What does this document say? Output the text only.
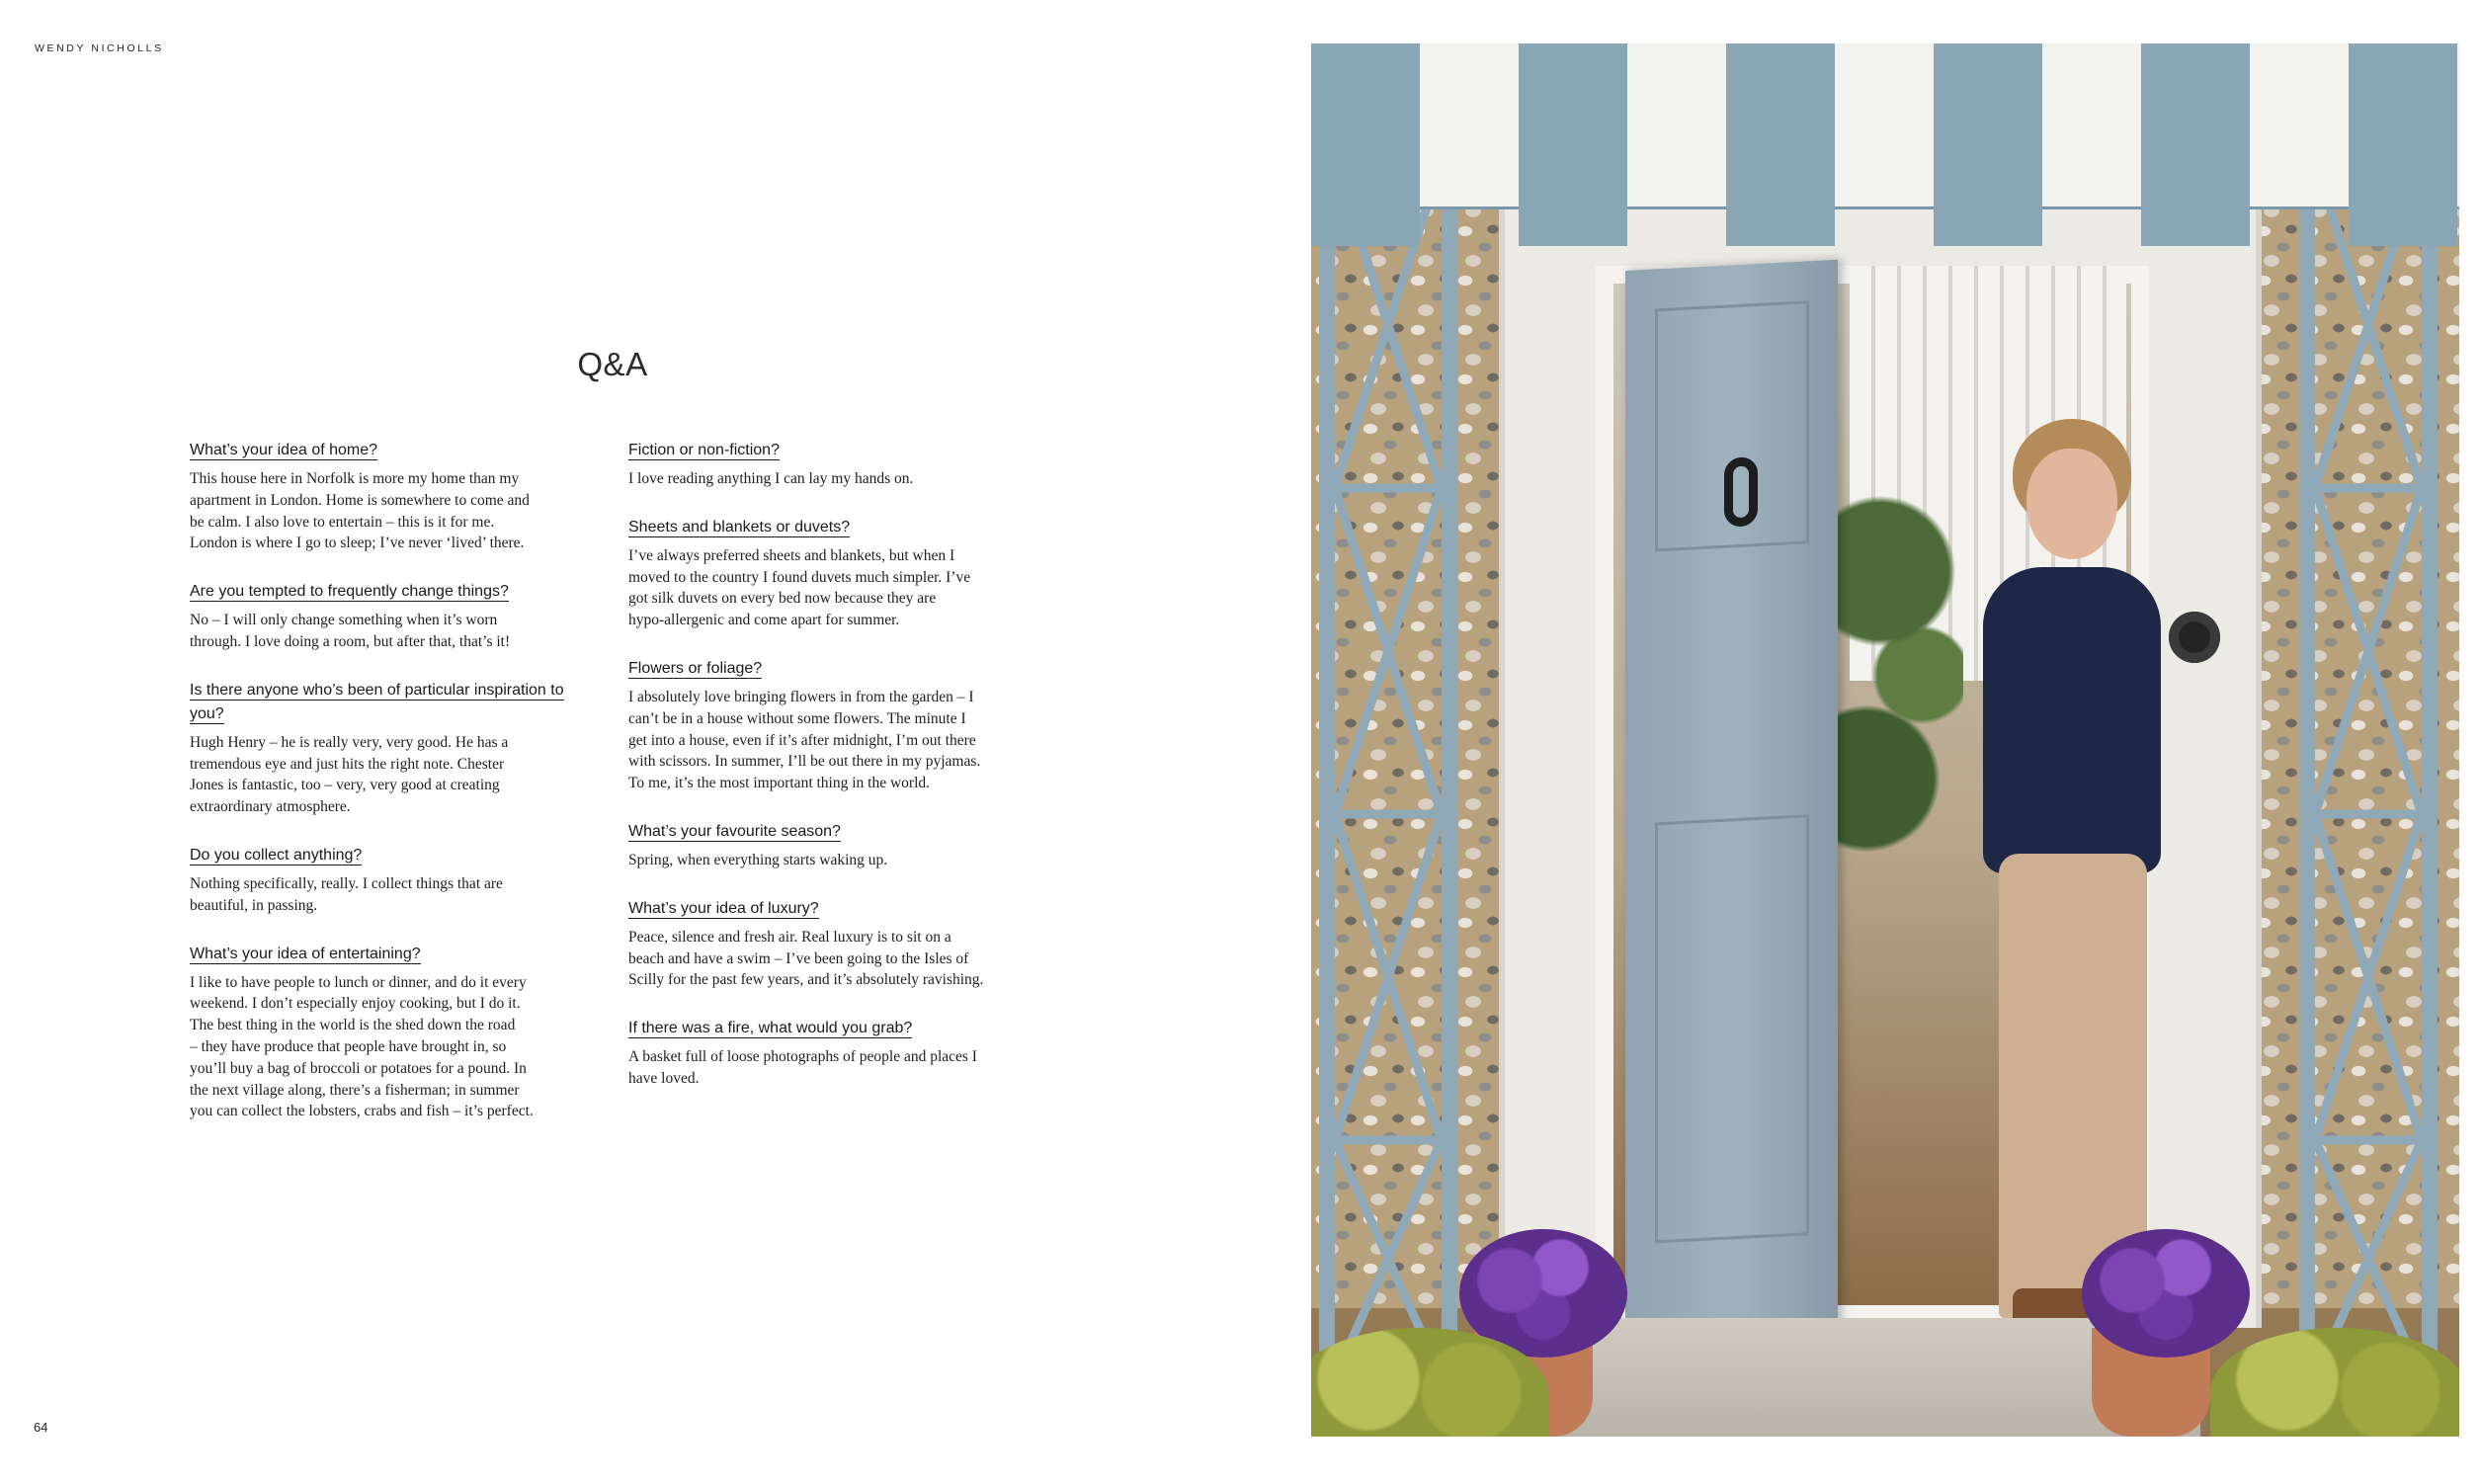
WENDY NICHOLLS
Q&A
What’s your idea of home?
This house here in Norfolk is more my home than my
apartment in London. Home is somewhere to come and
be calm. I also love to entertain – this is it for me.
London is where I go to sleep; I’ve never ‘lived’ there.
Are you tempted to frequently change things?
No – I will only change something when it’s worn
through. I love doing a room, but after that, that’s it!
Is there anyone who’s been of particular inspiration to you?
Hugh Henry – he is really very, very good. He has a
tremendous eye and just hits the right note. Chester
Jones is fantastic, too – very, very good at creating
extraordinary atmosphere.
Do you collect anything?
Nothing specifically, really. I collect things that are
beautiful, in passing.
What’s your idea of entertaining?
I like to have people to lunch or dinner, and do it every
weekend. I don’t especially enjoy cooking, but I do it.
The best thing in the world is the shed down the road
– they have produce that people have brought in, so
you’ll buy a bag of broccoli or potatoes for a pound. In
the next village along, there’s a fisherman; in summer
you can collect the lobsters, crabs and fish – it’s perfect.
Fiction or non-fiction?
I love reading anything I can lay my hands on.
Sheets and blankets or duvets?
I’ve always preferred sheets and blankets, but when I
moved to the country I found duvets much simpler. I’ve
got silk duvets on every bed now because they are
hypo-allergenic and come apart for summer.
Flowers or foliage?
I absolutely love bringing flowers in from the garden – I
can’t be in a house without some flowers. The minute I
get into a house, even if it’s after midnight, I’m out there
with scissors. In summer, I’ll be out there in my pyjamas.
To me, it’s the most important thing in the world.
What’s your favourite season?
Spring, when everything starts waking up.
What’s your idea of luxury?
Peace, silence and fresh air. Real luxury is to sit on a
beach and have a swim – I’ve been going to the Isles of
Scilly for the past few years, and it’s absolutely ravishing.
If there was a fire, what would you grab?
A basket full of loose photographs of people and places I
have loved.
64
